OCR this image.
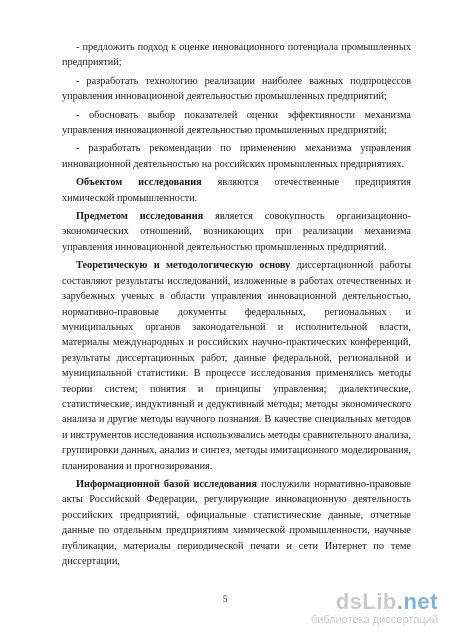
- предложить подход к оценке инновационного потенциала промышленных предприятий;

- разработать технологию реализации наиболее важных подпроцессов управления инновационной деятельностью промышленных предприятий;

- обосновать выбор показателей оценки эффективности механизма управления инновационной деятельностью промышленных предприятий;

- разработать рекомендации по применению механизма управления инновационной деятельностью на российских промышленных предприятиях.

Объектом исследования являются отечественные предприятия химической промышленности.

Предметом исследования является совокупность организационно-экономических отношений, возникающих при реализации механизма управления инновационной деятельностью промышленных предприятий.

Теоретическую и методологическую основу диссертационной работы составляют результаты исследований, изложенные в работах отечественных и зарубежных ученых в области управления инновационной деятельностью, нормативно-правовые документы федеральных, региональных и муниципальных органов законодательной и исполнительной власти, материалы международных и российских научно-практических конференций, результаты диссертационных работ, данные федеральной, региональной и муниципальной статистики. В процессе исследования применялись методы теории систем; понятия и принципы управления; диалектические, статистические, индуктивный и дедуктивный методы; методы экономического анализа и другие методы научного познания. В качестве специальных методов и инструментов исследования использовались методы сравнительного анализа, группировки данных, анализ и синтез, методы имитационного моделирования, планирования и прогнозирования.

Информационной базой исследования послужили нормативно-правовые акты Российской Федерации, регулирующие инновационную деятельность российских предприятий, официальные статистические данные, отчетные данные по отдельным предприятиям химической промышленности, научные публикации, материалы периодической печати и сети Интернет по теме диссертации,

5	dsLib.net
библиотека диссертаций
